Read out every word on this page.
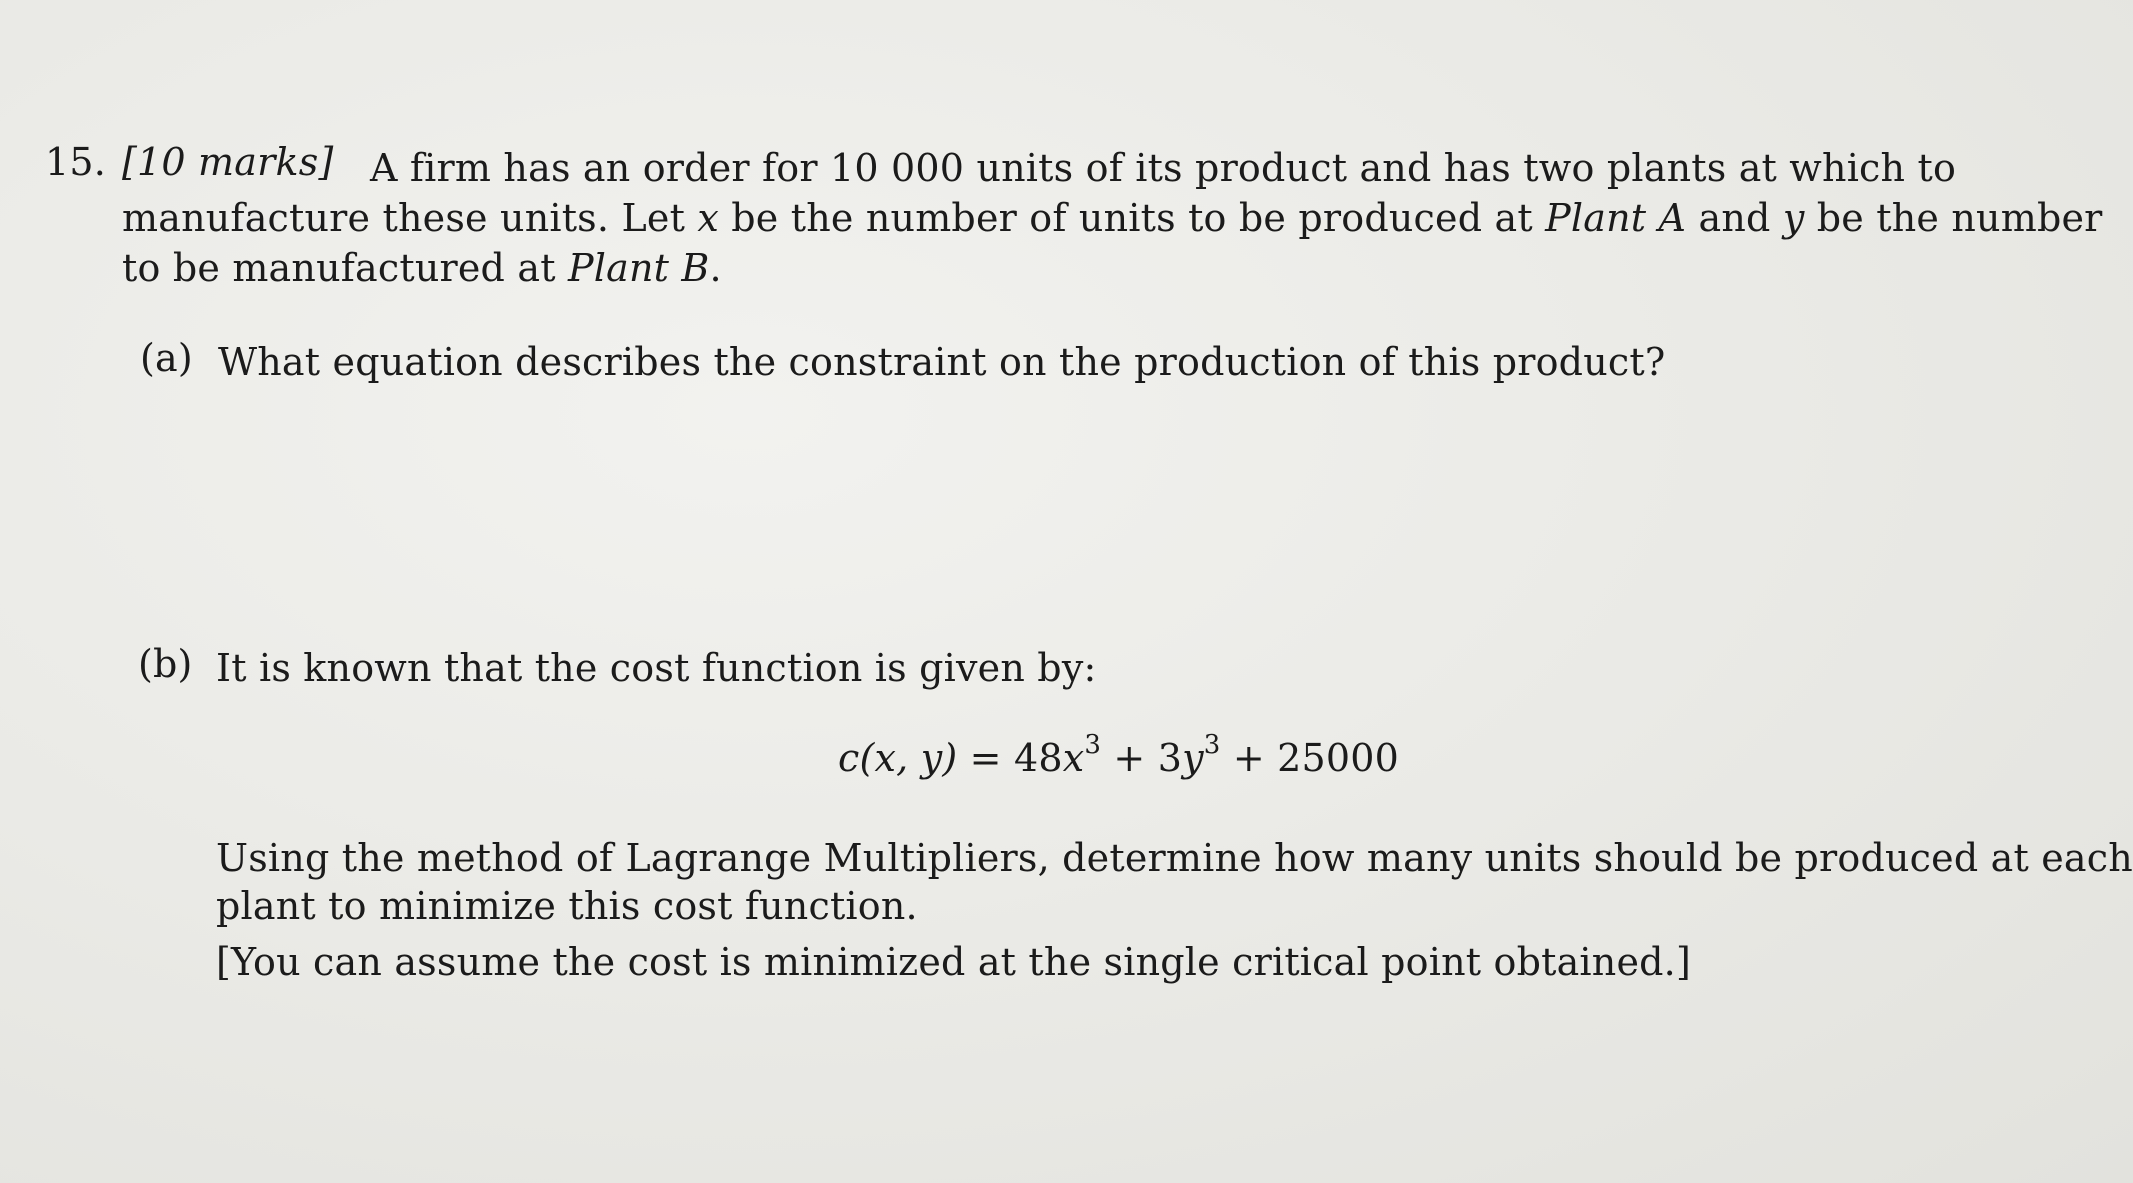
15. [10 marks] A firm has an order for 10 000 units of its product and has two plants at which to
manufacture these units. Let x be the number of units to be produced at Plant A and y be the number
to be manufactured at Plant B.
(a) What equation describes the constraint on the production of this product?
(b) It is known that the cost function is given by:
c(x, $y) = 48x^3 + 3y^3 + 25000$
Using the method of Lagrange Multipliers, determine how many units should be produced at each
plant to minimize this cost function.
[You can assume the cost is minimized at the single critical point obtained.]
